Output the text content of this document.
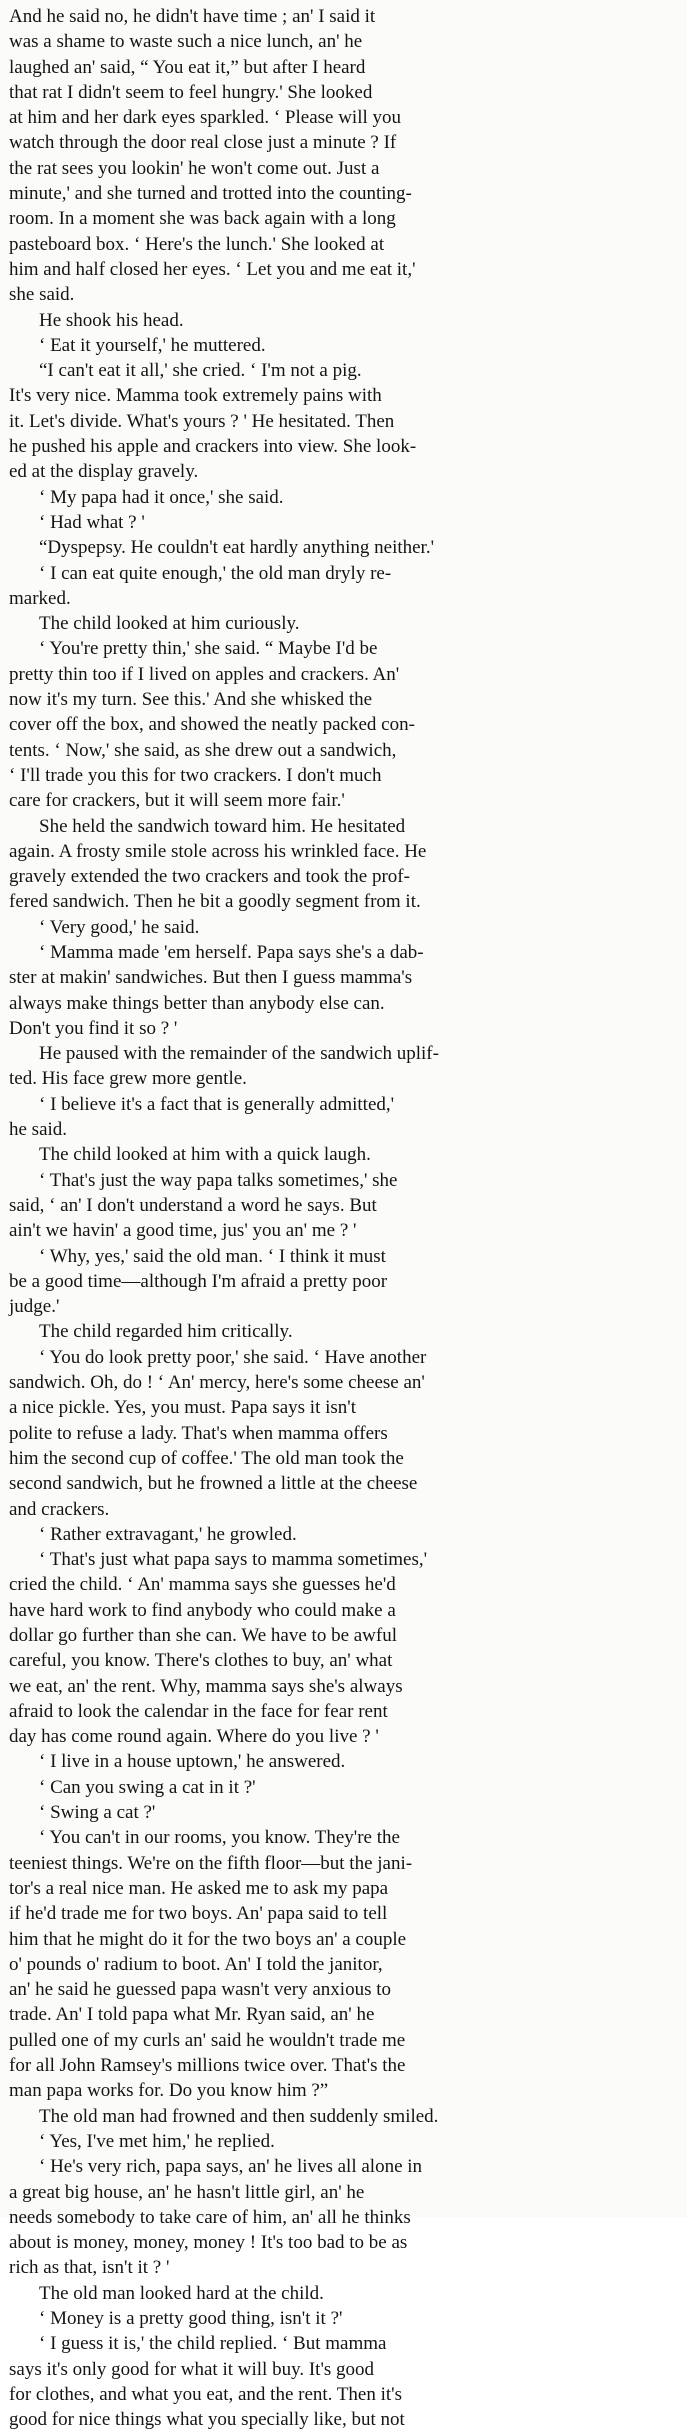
And he said no, he didn't have time ; an' I said it
was a shame to waste such a nice lunch, an' he
laughed an' said, “ You eat it,” but after I heard
that rat I didn't seem to feel hungry.' She looked
at him and her dark eyes sparkled. ‘ Please will you
watch through the door real close just a minute ? If
the rat sees you lookin' he won't come out. Just a
minute,' and she turned and trotted into the counting-
room. In a moment she was back again with a long
pasteboard box. ‘ Here's the lunch.' She looked at
him and half closed her eyes. ‘ Let you and me eat it,'
she said.

He shook his head.

‘ Eat it yourself,' he muttered.

“I can't eat it all,' she cried. ‘ I'm not a pig.

It's very nice. Mamma took extremely pains with
it. Let's divide. What's yours ? ' He hesitated. Then
he pushed his apple and crackers into view. She look-
ed at the display gravely.

‘ My papa had it once,' she said.

‘ Had what ? '

“Dyspepsy. He couldn't eat hardly anything neither.'

‘ I can eat quite enough,' the old man dryly re-

marked.

The child looked at him curiously.

‘ You're pretty thin,' she said. “ Maybe I'd be

pretty thin too if I lived on apples and crackers. An'
now it's my turn. See this.' And she whisked the
cover off the box, and showed the neatly packed con-
tents. ‘ Now,' she said, as she drew out a sandwich,
‘ I'll trade you this for two crackers. I don't much
care for crackers, but it will seem more fair.'

She held the sandwich toward him. He hesitated

again. A frosty smile stole across his wrinkled face. He
gravely extended the two crackers and took the prof-
fered sandwich. Then he bit a goodly segment from it.

‘ Very good,' he said.

‘ Mamma made 'em herself. Papa says she's a dab-

ster at makin' sandwiches. But then I guess mamma's
always make things better than anybody else can.
Don't you find it so ? '

He paused with the remainder of the sandwich uplif-

ted. His face grew more gentle.

‘ I believe it's a fact that is generally admitted,'

he said.

The child looked at him with a quick laugh.

‘ That's just the way papa talks sometimes,' she

said, ‘ an' I don't understand a word he says. But
ain't we havin' a good time, jus' you an' me ? '

‘ Why, yes,' said the old man. ‘ I think it must

be a good time—although I'm afraid a pretty poor
judge.'

The child regarded him critically.

‘ You do look pretty poor,' she said. ‘ Have another

sandwich. Oh, do ! ‘ An' mercy, here's some cheese an'
a nice pickle. Yes, you must. Papa says it isn't
polite to refuse a lady. That's when mamma offers
him the second cup of coffee.' The old man took the
second sandwich, but he frowned a little at the cheese
and crackers.

‘ Rather extravagant,' he growled.

‘ That's just what papa says to mamma sometimes,'

cried the child. ‘ An' mamma says she guesses he'd
have hard work to find anybody who could make a
dollar go further than she can. We have to be awful
careful, you know. There's clothes to buy, an' what
we eat, an' the rent. Why, mamma says she's always
afraid to look the calendar in the face for fear rent
day has come round again. Where do you live ? '

‘ I live in a house uptown,' he answered.

‘ Can you swing a cat in it ?'

‘ Swing a cat ?'

‘ You can't in our rooms, you know. They're the

teeniest things. We're on the fifth floor—but the jani-
tor's a real nice man. He asked me to ask my papa
if he'd trade me for two boys. An' papa said to tell
him that he might do it for the two boys an' a couple
o' pounds o' radium to boot. An' I told the janitor,
an' he said he guessed papa wasn't very anxious to
trade. An' I told papa what Mr. Ryan said, an' he
pulled one of my curls an' said he wouldn't trade me
for all John Ramsey's millions twice over. That's the
man papa works for. Do you know him ?”

The old man had frowned and then suddenly smiled.

‘ Yes, I've met him,' he replied.

‘ He's very rich, papa says, an' he lives all alone in

a great big house, an' he hasn't little girl, an' he
needs somebody to take care of him, an' all he thinks
about is money, money, money ! It's too bad to be as
rich as that, isn't it ? '

The old man looked hard at the child.

‘ Money is a pretty good thing, isn't it ?'

‘ I guess it is,' the child replied. ‘ But mamma

says it's only good for what it will buy. It's good
for clothes, and what you eat, and the rent. Then it's
good for nice things what you specially like, but not
